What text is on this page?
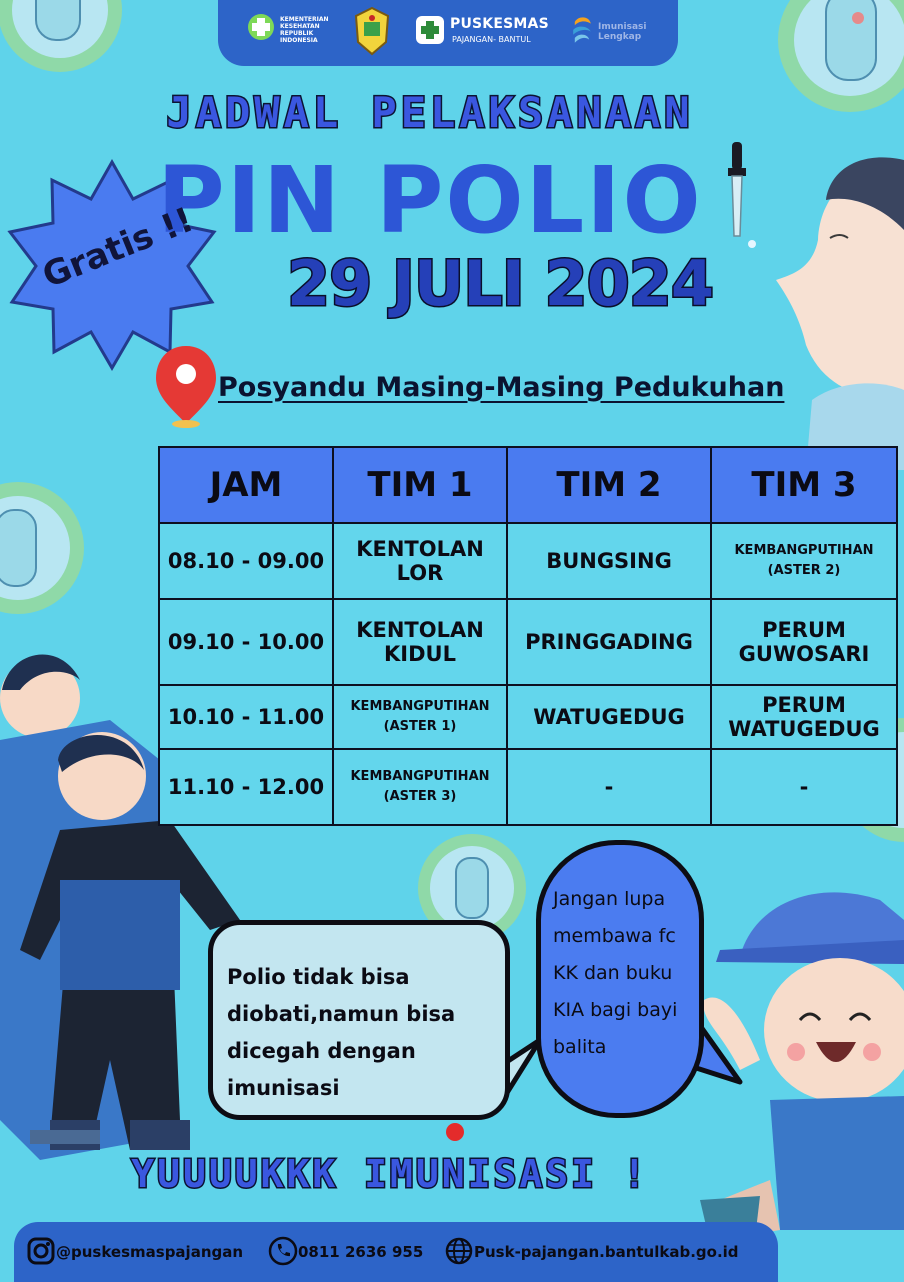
KEMENTERIAN KESEHATAN REPUBLIK INDONESIA
PUSKESMAS
PAJANGAN- BANTUL
Imunisasi Lengkap
JADWAL PELAKSANAAN
PIN POLIO
29 JULI 2024
Gratis !!
Posyandu Masing-Masing Pedukuhan
JAM	TIM 1	TIM 2	TIM 3
08.10 - 09.00	KENTOLAN LOR	BUNGSING	KEMBANGPUTIHAN (ASTER 2)
09.10 - 10.00	KENTOLAN KIDUL	PRINGGADING	PERUM GUWOSARI
10.10 - 11.00	KEMBANGPUTIHAN (ASTER 1)	WATUGEDUG	PERUM WATUGEDUG
11.10 - 12.00	KEMBANGPUTIHAN (ASTER 3)	-	-
Polio tidak bisa diobati,namun bisa dicegah dengan imunisasi
Jangan lupa membawa fc KK dan buku KIA bagi bayi balita
YUUUUKKK IMUNISASI !
@puskesmaspajangan	0811 2636 955	Pusk-pajangan.bantulkab.go.id
